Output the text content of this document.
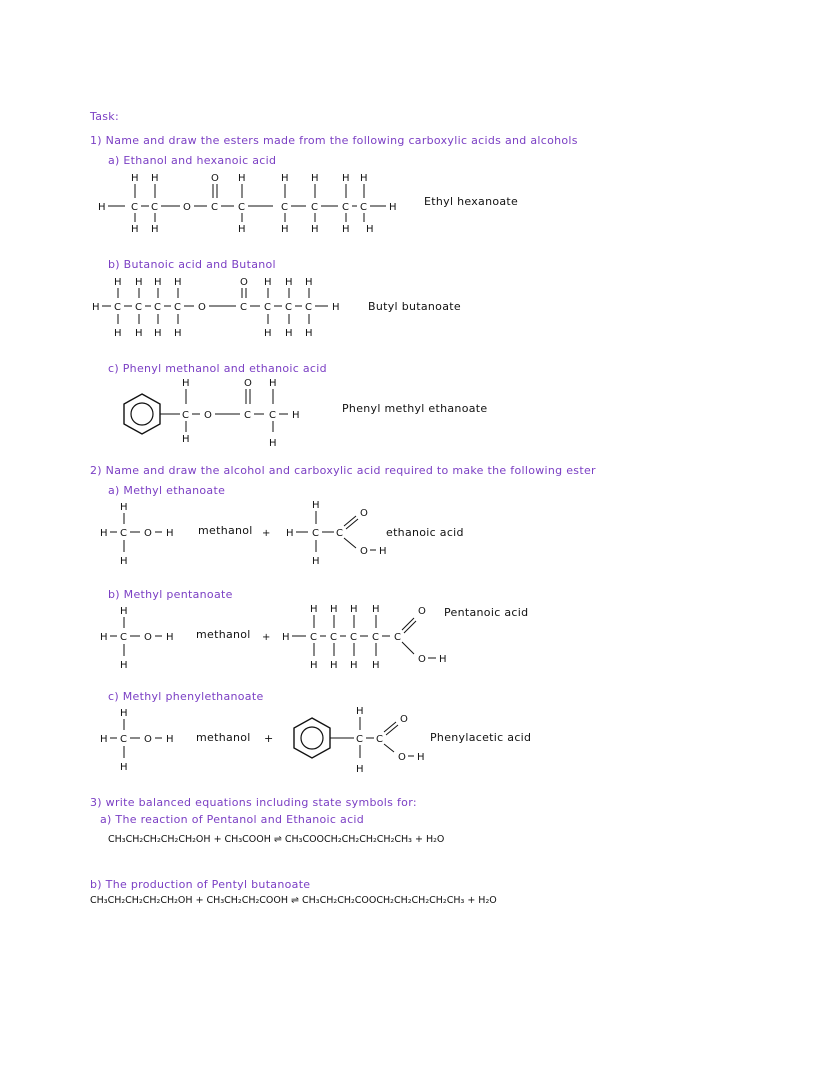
Task:
1) Name and draw the esters made from the following carboxylic acids and alcohols
a) Ethanol and hexanoic acid
H H	O H	H H H H
H	C C	O C C	C C C C H
H H	H	H H H H
Ethyl hexanoate
b) Butanoic acid and Butanol
H H H H	O H H H
H C C C C O	C C C C H
H H H H	H H H
Butyl butanoate
c) Phenyl methanol and ethanoic acid
H
C O
O
C
H
C H
H	H
Phenyl methyl ethanoate
2) Name and draw the alcohol and carboxylic acid required to make the following ester
a) Methyl ethanoate
H
H C O H
H
methanol +
H
H C C
O
O H
H
ethanoic acid
b) Methyl pentanoate
H
H C O H
H
methanol +
H H H H
H C C C C C
H H H H
O
O H
Pentanoic acid
c) Methyl phenylethanoate
H
H C O H
H
methanol +
H
C C
O
O H
H
Phenylacetic acid
3) write balanced equations including state symbols for:
a) The reaction of Pentanol and Ethanoic acid
CH₃CH₂CH₂CH₂CH₂OH + CH₃COOH ⇌ CH₃COOCH₂CH₂CH₂CH₂CH₃ + H₂O
b) The production of Pentyl butanoate
CH₃CH₂CH₂CH₂CH₂OH + CH₃CH₂CH₂COOH ⇌ CH₃CH₂CH₂COOCH₂CH₂CH₂CH₂CH₃ + H₂O
